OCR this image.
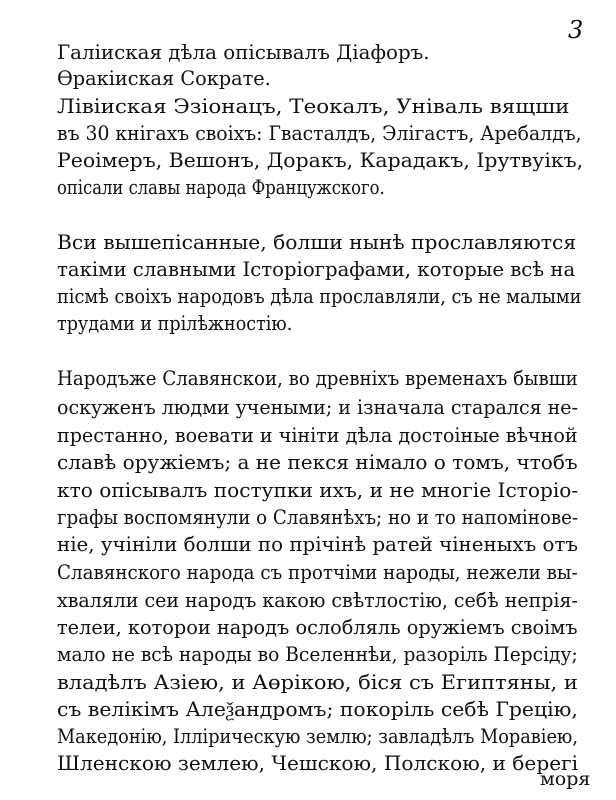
3
Галіиская дѣла опісывалъ Діафоръ.
Өракіиская Сократе.
Лівіиская Эзіонацъ, Теокалъ, Уніваль вящши
въ 30 кнігахъ своіхъ: Гвасталдъ, Элігастъ, Аребалдъ,
Реоімеръ, Вешонъ, Доракъ, Карадакъ, Ірутвуікъ,
опісали славы народа Францужского.
Вси вышепісанные, болши нынѣ прославляются
такіми славными Історіографами, которые всѣ на
пісмѣ своіхъ народовъ дѣла прославляли, съ не малыми
трудами и прілѣжностію.
Народъже Славянскои, во древніхъ временахъ бывши
оскуженъ людми учеными; и ізначала старался не-
престанно, воевати и чініти дѣла достоіные вѣчной
славѣ оружіемъ; а не пекся німало о томъ, чтобъ
кто опісывалъ поступки ихъ, и не многіе Історіо-
графы воспомянули о Славянѣхъ; но и то напомінове-
ніе, учініли болши по прічінѣ ратей чіненыхъ отъ
Славянского народа съ протчіми народы, нежели вы-
хваляли сеи народъ какою свѣтлостію, себѣ непрія-
телеи, которои народъ ослобляль оружіемъ своімъ
мало не всѣ народы во Вселеннѣи, разоріль Персіду;
владѣлъ Азіею, и Аөрікою, біся съ Египтяны, и
съ велікімъ Алеѯандромъ; покоріль себѣ Грецію,
Македонію, Іллірическую землю; завладѣлъ Моравіею,
Шленскою землею, Чешскою, Полскою, и берегі
моря
